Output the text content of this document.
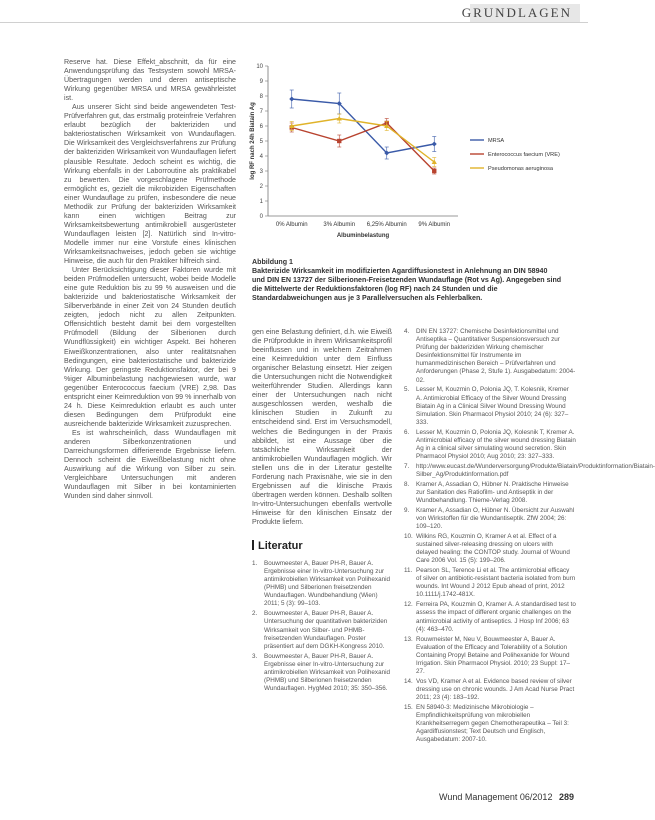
GRUNDLAGEN

Reserve hat. Diese Effekt_abschnitt, da für eine Anwendungsprüfung das Testsystem sowohl MRSA-Übertragungen werden und deren antiseptische Wirkung gegenüber MRSA und MRSA gewährleistet ist.

Aus unserer Sicht sind beide angewendeten Test-Prüfverfahren gut, das erstmalig proteinfreie Verfahren erlaubt bezüglich der bakteriziden und bakteriostatischen Wirksamkeit von Wundauflagen. Die Wirksamkeit des Vergleichsverfahrens zur Prüfung der bakteriziden Wirksamkeit von Wundauflagen liefert plausible Resultate. Jedoch scheint es wichtig, die Wirkung ebenfalls in der Laborroutine als praktikabel zu bewerten. Die vorgeschlagene Prüfmethode ermöglicht es, gezielt die mikrobiziden Eigenschaften einer Wundauflage zu prüfen, insbesondere die neue Methodik zur Prüfung der bakteriziden Wirksamkeit kann einen wichtigen Beitrag zur Wirksamkeitsbewertung antimikrobiell ausgerüsteter Wundauflagen leisten [2]. Natürlich sind In-vitro-Modelle immer nur eine Vorstufe eines klinischen Wirksamkeitsnachweises, jedoch geben sie wichtige Hinweise, die auch für den Praktiker hilfreich sind.

Unter Berücksichtigung dieser Faktoren wurde mit beiden Prüfmodellen untersucht, wobei beide Modelle eine gute Reduktion bis zu 99 % ausweisen und die bakterizide und bakteriostatische Wirksamkeit der Silberverbände in einer Zeit von 24 Stunden deutlich zeigten, jedoch nicht zu allen Zeitpunkten. Offensichtlich besteht damit bei dem vorgestellten Prüfmodell (Bildung der Silberionen durch Wundflüssigkeit) ein wichtiger Aspekt. Bei höheren Eiweißkonzentrationen, also unter realitätsnahen Bedingungen, eine bakteriostatische und bakterizide Wirkung. Der geringste Reduktionsfaktor, der bei 9 %iger Albuminbelastung nachgewiesen wurde, war gegenüber Enterococcus faecium (VRE) 2,98. Das entspricht einer Keimreduktion von 99 % innerhalb von 24 h. Diese Keimreduktion erlaubt es auch unter diesen Bedingungen dem Prüfprodukt eine ausreichende bakterizide Wirksamkeit zuzusprechen.

Es ist wahrscheinlich, dass Wundauflagen mit anderen Silberkonzentrationen und Darreichungsformen differierende Ergebnisse liefern. Dennoch scheint die Eiweißbelastung nicht ohne Auswirkung auf die Wirkung von Silber zu sein. Vergleichbare Untersuchungen mit anderen Wundauflagen mit Silber in bei kontaminierten Wunden sind daher sinnvoll.

0
1
2
3
4
5
6
7
8
9
10
log RF nach 24h Biatain Ag
0% Albumin	3% Albumin 6,25% Albumin 9% Albumin
Albuminbelastung
MRSA
Enterococcus faecium (VRE)
Pseudomonas aeruginosa
Abbildung 1
Bakterizide Wirksamkeit im modifizierten Agardiffusionstest in Anlehnung an DIN 58940 und DIN EN 13727 der Silberionen-Freisetzenden Wundauflage (Rot vs Ag). Angegeben sind die Mittelwerte der Reduktionsfaktoren (log RF) nach 24 Stunden und die Standardabweichungen aus je 3 Parallelversuchen als Fehlerbalken.

gen eine Belastung definiert, d.h. wie Eiweiß die Prüfprodukte in ihrem Wirksamkeitsprofil beeinflussen und in welchem Zeitrahmen eine Keimreduktion unter dem Einfluss organischer Belastung einsetzt. Hier zeigen die Untersuchungen nicht die Notwendigkeit weiterführender Studien. Allerdings kann einer der Untersuchungen nach nicht ausgeschlossen werden, weshalb die klinischen Studien in Zukunft zu entscheidend sind. Erst im Versuchsmodell, welches die Bedingungen in der Praxis abbildet, ist eine Aussage über die tatsächliche Wirksamkeit der antimikrobiellen Wundauflagen möglich. Wir stellen uns die in der Literatur gestellte Forderung nach Praxisnähe, wie sie in den Ergebnissen auf die klinische Praxis übertragen werden können. Deshalb sollten In-vitro-Untersuchungen ebenfalls wertvolle Hinweise für den klinischen Einsatz der Produkte liefern.

Literatur
1.	Bouwmeester A, Bauer PH-R, Bauer A. Ergebnisse einer In-vitro-Untersuchung zur antimikrobiellen Wirksamkeit von Polihexanid (PHMB) und Silberionen freisetzenden Wundauflagen. Wundbehandlung (Wien) 2011; 5 (3): 99–103.
2.	Bouwmeester A, Bauer PH-R, Bauer A. Untersuchung der quantitativen bakteriziden Wirksamkeit von Silber- und PHMB-freisetzenden Wundauflagen. Poster präsentiert auf dem DGKH-Kongress 2010.
3.	Bouwmeester A, Bauer PH-R, Bauer A. Ergebnisse einer In-vitro-Untersuchung zur antimikrobiellen Wirksamkeit von Polihexanid (PHMB) und Silberionen freisetzenden Wundauflagen. HygMed 2010; 35: 350–356.
4.	DIN EN 13727: Chemische Desinfektionsmittel und Antiseptika – Quantitativer Suspensionsversuch zur Prüfung der bakteriziden Wirkung chemischer Desinfektionsmittel für Instrumente im humanmedizinischen Bereich – Prüfverfahren und Anforderungen (Phase 2, Stufe 1). Ausgabedatum: 2004-02.
5.	Lesser M, Kouzmin O, Polonia JQ, T. Kolesnik, Kremer A. Antimicrobial Efficacy of the Silver Wound Dressing Biatain Ag in a Clinical Silver Wound Dressing Wound Simulation. Skin Pharmacol Physiol 2010; 24 (6): 327–333.
6.	Lesser M, Kouzmin O, Polonia JQ, Kolesnik T, Kremer A. Antimicrobial efficacy of the silver wound dressing Biatain Ag in a clinical silver simulating wound secretion. Skin Pharmacol Physiol 2010; Aug 2010; 23: 327–333.
7.	http://www.eucast.de/Wunderversorgung/Produkte/Biatain/Produktinformation/Biatain-Silber_Ag/Produktinformation.pdf
8.	Kramer A, Assadian O, Hübner N. Praktische Hinweise zur Sanitation des Ratiofilm- und Antiseptik in der Wundbehandlung. Thieme-Verlag 2008.
9.	Kramer A, Assadian O, Hübner N. Übersicht zur Auswahl von Wirkstoffen für die Wundantiseptik. ZfW 2004; 26: 109–120.
10. Wilkins RG, Kouzmin O, Kramer A et al. Effect of a sustained silver-releasing dressing on ulcers with delayed healing: the CONTOP study. Journal of Wound Care 2006 Vol. 15 (5): 199–206.
11. Pearson SL, Terence Li et al. The antimicrobial efficacy of silver on antibiotic-resistant bacteria isolated from burn wounds. Int Wound J 2012 Epub ahead of print, 2012 10.1111/j.1742-481X.
12. Ferreira PA, Kouzmin O, Kramer A. A standardised test to assess the impact of different organic challenges on the antimicrobial activity of antiseptics. J Hosp Inf 2006; 63 (4): 463–470.
13. Rouwmeister M, Neu V, Bouwmeester A, Bauer A. Evaluation of the Efficacy and Tolerability of a Solution Containing Propyl Betaine and Polihexanide for Wound Irrigation. Skin Pharmacol Physiol. 2010; 23 Suppl: 17–27.
14. Vos VD, Kramer A et al. Evidence based review of silver dressing use on chronic wounds. J Am Acad Nurse Pract 2011; 23 (4): 183–192.
15. EN 58940-3: Medizinische Mikrobiologie – Empfindlichkeitsprüfung von mikrobiellen Krankheitserregern gegen Chemotherapeutika – Teil 3: Agardiffusionstest; Text Deutsch und Englisch, Ausgabedatum: 2007-10.
Wund Management 06/2012 289
